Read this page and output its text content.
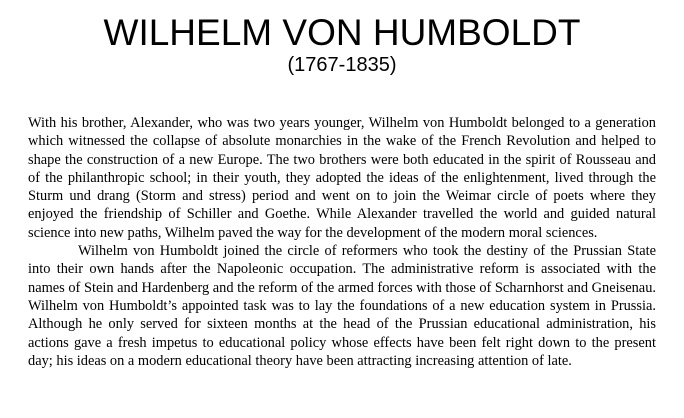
WILHELM VON HUMBOLDT
(1767-1835)

With his brother, Alexander, who was two years younger, Wilhelm von Humboldt belonged to a generation which witnessed the collapse of absolute monarchies in the wake of the French Revolution and helped to shape the construction of a new Europe. The two brothers were both educated in the spirit of Rousseau and of the philanthropic school; in their youth, they adopted the ideas of the enlightenment, lived through the Sturm und drang (Storm and stress) period and went on to join the Weimar circle of poets where they enjoyed the friendship of Schiller and Goethe. While Alexander travelled the world and guided natural science into new paths, Wilhelm paved the way for the development of the modern moral sciences.

Wilhelm von Humboldt joined the circle of reformers who took the destiny of the Prussian State into their own hands after the Napoleonic occupation. The administrative reform is associated with the names of Stein and Hardenberg and the reform of the armed forces with those of Scharnhorst and Gneisenau. Wilhelm von Humboldt’s appointed task was to lay the foundations of a new education system in Prussia. Although he only served for sixteen months at the head of the Prussian educational administration, his actions gave a fresh impetus to educational policy whose effects have been felt right down to the present day; his ideas on a modern educational theory have been attracting increasing attention of late.
